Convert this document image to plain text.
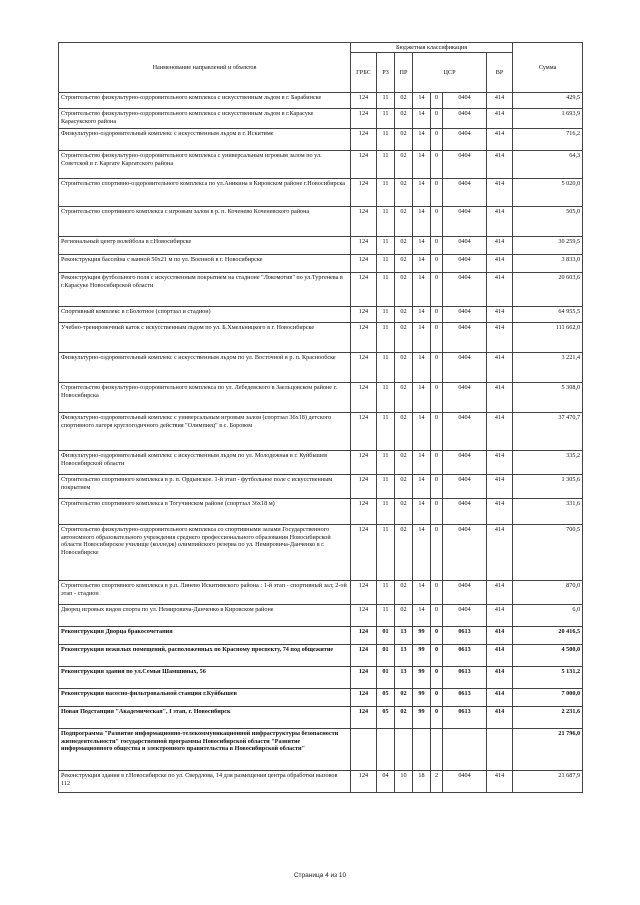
Наименование направлений и объектов	Бюджетная классификация							Сумма
	ГРБС	РЗ	ПР	ЦСР			ВР	
Строительство физкультурно-оздоровительного комплекса с искусственным льдом в г. Барабинске	124	11	02	14	0	0404	414	429,5
Строительство физкультурно-оздоровительного комплекса с искусственным льдом в г.Карасуке Карасукского района	124	11	02	14	0	0404	414	1 693,9
Физкультурно-оздоровительный комплекс с искусственным льдом в г. Искитиме	124	11	02	14	0	0404	414	716,2
Строительство физкультурно-оздоровительного комплекса с универсальным игровым залом по ул. Советской в г. Каргате Каргатского района	124	11	02	14	0	0404	414	64,3
Строительство спортивно-оздоровительного комплекса по ул.Аникина в Кировском районе г.Новосибирска	124	11	02	14	0	0404	414	5 020,0
Строительство спортивного комплекса с игровым залом в р. п. Коченево Коченевского района	124	11	02	14	0	0404	414	505,0
Региональный центр волейбола в г.Новосибирске	124	11	02	14	0	0404	414	30 259,5
Реконструкция бассейна с ванной 50х21 м по ул. Военной в г. Новосибирске	124	11	02	14	0	0404	414	3 833,0
Реконструкция футбольного поля с искусственным покрытием на стадионе "Локомотив" по ул.Тургенева в г.Карасуке Новосибирской области	124	11	02	14	0	0404	414	20 603,6
Спортивный комплекс в г.Болотное (спортзал и стадион)	124	11	02	14	0	0404	414	64 955,5
Учебно-тренировочный каток с искусственным льдом по ул. Б.Хмельницкого в г. Новосибирске	124	11	02	14	0	0404	414	111 662,0
Физкультурно-оздоровительный комплекс с искусственным льдом по ул. Восточной в р. п. Краснообске	124	11	02	14	0	0404	414	3 221,4
Строительство физкультурно-оздоровительного комплекса по ул. Лебедевского в Заельцовском районе г. Новосибирска	124	11	02	14	0	0404	414	5 308,0
Физкультурно-оздоровительный комплекс с универсальным игровым залом (спортзал 36х18) детского спортивного лагеря круглогодичного действия "Олимпиец" в с. Боровом	124	11	02	14	0	0404	414	37 470,7
Физкультурно-оздоровительный комплекс с искусственным льдом по ул. Молодежная в г. Куйбышев Новосибирской области	124	11	02	14	0	0404	414	335,2
Строительство спортивного комплекса в р. п. Ордынское. 1-й этап - футбольное поле с искусственным покрытием	124	11	02	14	0	0404	414	1 305,6
Строительство спортивного комплекса в Тогучинском районе (спортзал 36х18 м)	124	11	02	14	0	0404	414	331,6
Строительство физкультурно-оздоровительного комплекса со спортивными залами Государственного автономного образовательного учреждения среднего профессионального образования Новосибирской области Новосибирское училище (колледж) олимпийского резерва по ул. Немировича-Данченко в г. Новосибирске	124	11	02	14	0	0404	414	700,5
Строительство спортивного комплекса в р.п. Линево Искитимского района : 1-й этап - спортивный зал; 2-ой этап - стадион	124	11	02	14	0	0404	414	870,0
Дворец игровых видов спорта по ул. Немировича-Данченко в Кировском районе	124	11	02	14	0	0404	414	6,0
Реконструкция Дворца бракосочетания	124	01	13	99	0	0613	414	20 416,5
Реконструкция нежилых помещений, расположенных по Красному проспекту, 74 под общежитие	124	01	13	99	0	0613	414	4 500,0
Реконструкция здания по ул.Семьи Шамшиных, 56	124	01	13	99	0	0613	414	5 131,2
Реконструкция насосно-фильтровальной станции г.Куйбышев	124	05	02	99	0	0613	414	7 000,0
Новая Подстанция "Академическая", I этап, г. Новосибирск	124	05	02	99	0	0613	414	2 231,6
Подпрограмма "Развитие информационно-телекоммуникационной инфраструктуры безопасности жизнедеятельности" государственной программы Новосибирской области "Развитие информационного общества и электронного правительства в Новосибирской области"								21 796,0
Реконструкция здания в г.Новосибирске по ул. Свердлова, 14 для размещения центра обработки вызовов 112	124	04	10	18	2	0404	414	21 687,9
Страница 4 из 10
